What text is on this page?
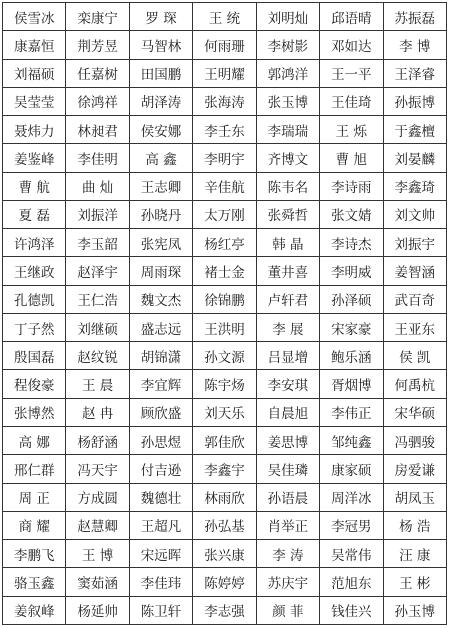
侯雪冰	栾康宁	罗 琛	王 统	刘明灿	邱语晴	苏振磊
康嘉恒	荆芳昱	马智林	何雨珊	李树影	邓如达	李 博
刘福硕	任嘉树	田国鹏	王明耀	郭鸿洋	王一平	王泽睿
吴莹莹	徐鸿祥	胡泽涛	张海涛	张玉博	王佳琦	孙振博
聂炜力	林昶君	侯安娜	李壬东	李瑞瑞	王 烁	于鑫檀
姜鉴峰	李佳明	高 鑫	李明宇	齐博文	曹 旭	刘晏麟
曹 航	曲 灿	王志卿	辛佳航	陈韦名	李诗雨	李鑫琦
夏 磊	刘振洋	孙晓丹	太万刚	张舜哲	张文婧	刘文帅
许鸿泽	李玉韶	张宪凤	杨红亭	韩 晶	李诗杰	刘振宇
王继政	赵泽宇	周雨琛	褚士金	董井喜	李明威	姜智涵
孔德凯	王仁浩	魏文杰	徐锦鹏	卢轩君	孙泽硕	武百奇
丁子然	刘继硕	盛志远	王洪明	李 展	宋家豪	王亚东
殷国磊	赵纹锐	胡锦潇	孙文源	吕显增	鲍乐涵	侯 凯
程俊豪	王 晨	李宜辉	陈宇炀	李安琪	胥烟博	何禹杭
张博然	赵 冉	顾欣盛	刘天乐	自晨旭	李伟正	宋华硕
高 娜	杨舒涵	孙思煜	郭佳欣	姜思博	邹纯鑫	冯驷骏
邢仁群	冯天宇	付吉逊	李鑫宇	吴佳璘	康家硕	房爱谦
周 正	方成圆	魏德壮	林雨欣	孙语晨	周洋冰	胡凤玉
商 耀	赵慧卿	王超凡	孙弘基	肖举正	李冠男	杨 浩
李鹏飞	王 博	宋远晖	张兴康	李 涛	吴常伟	汪 康
骆玉鑫	窦茹涵	李佳玮	陈婷婷	苏庆宇	范旭东	王 彬
姜叙峰	杨延帅	陈卫轩	李志强	颜 菲	钱佳兴	孙玉博
